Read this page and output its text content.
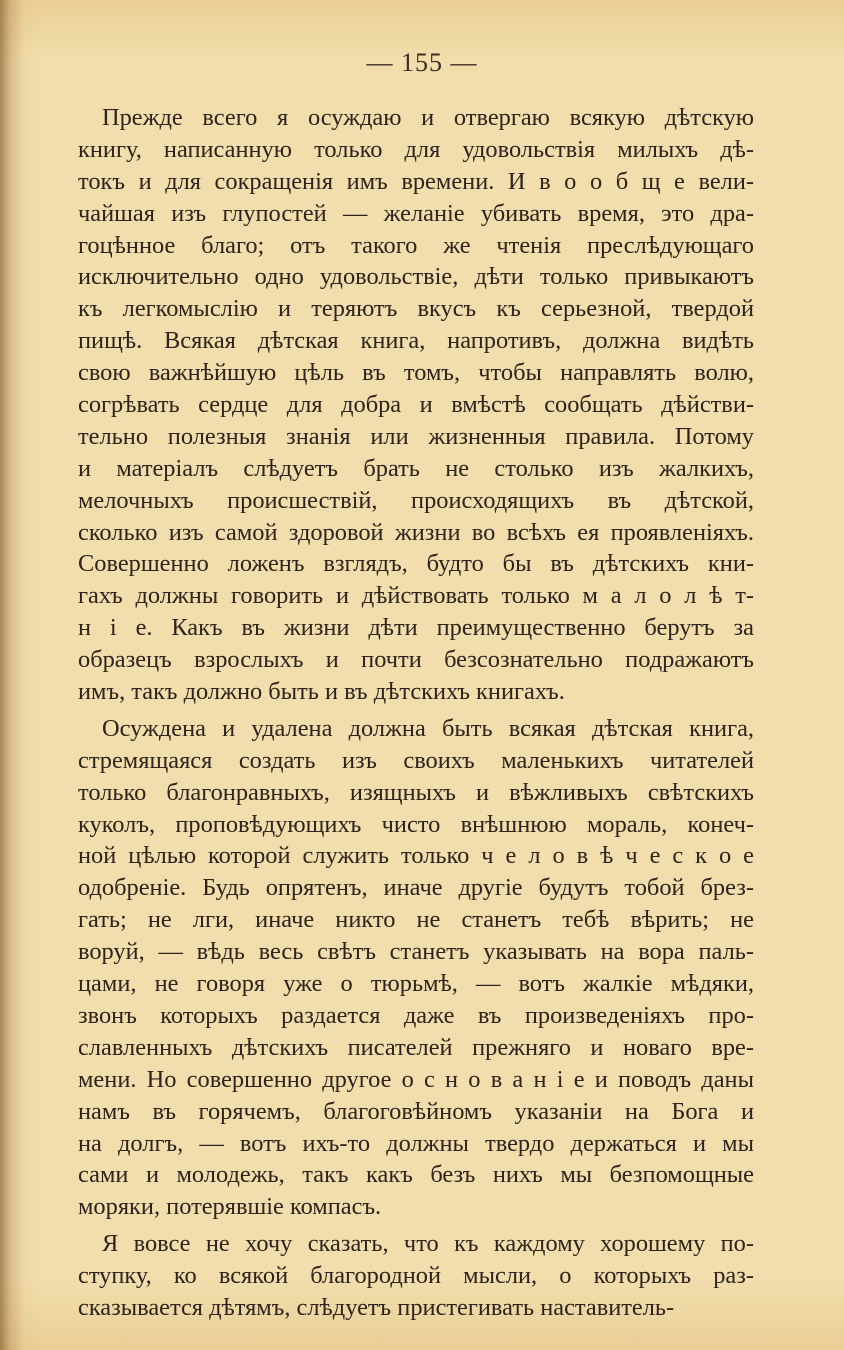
— 155 —
Прежде всего я осуждаю и отвергаю всякую дѣтскую
книгу, написанную только для удовольствія милыхъ дѣ-
токъ и для сокращенія имъ времени. И в о о б щ е вели-
чайшая изъ глупостей — желаніе убивать время, это дра-
гоцѣнное благо; отъ такого же чтенія преслѣдующаго
исключительно одно удовольствіе, дѣти только привыкаютъ
къ легкомыслію и теряютъ вкусъ къ серьезной, твердой
пищѣ. Всякая дѣтская книга, напротивъ, должна видѣть
свою важнѣйшую цѣль въ томъ, чтобы направлять волю,
согрѣвать сердце для добра и вмѣстѣ сообщать дѣйстви-
тельно полезныя знанія или жизненныя правила. Потому
и матеріалъ слѣдуетъ брать не столько изъ жалкихъ,
мелочныхъ происшествій, происходящихъ въ дѣтской,
сколько изъ самой здоровой жизни во всѣхъ ея проявленіяхъ.
Совершенно ложенъ взглядъ, будто бы въ дѣтскихъ кни-
гахъ должны говорить и дѣйствовать только м а л о л ѣ т-
н і е. Какъ въ жизни дѣти преимущественно берутъ за
образецъ взрослыхъ и почти безсознательно подражаютъ
имъ, такъ должно быть и въ дѣтскихъ книгахъ.
Осуждена и удалена должна быть всякая дѣтская книга,
стремящаяся создать изъ своихъ маленькихъ читателей
только благонравныхъ, изящныхъ и вѣжливыхъ свѣтскихъ
куколъ, проповѣдующихъ чисто внѣшнюю мораль, конеч-
ной цѣлью которой служить только ч е л о в ѣ ч е с к о е
одобреніе. Будь опрятенъ, иначе другіе будутъ тобой брез-
гать; не лги, иначе никто не станетъ тебѣ вѣрить; не
воруй, — вѣдь весь свѣтъ станетъ указывать на вора паль-
цами, не говоря уже о тюрьмѣ, — вотъ жалкіе мѣдяки,
звонъ которыхъ раздается даже въ произведеніяхъ про-
славленныхъ дѣтскихъ писателей прежняго и новаго вре-
мени. Но совершенно другое о с н о в а н і е и поводъ даны
намъ въ горячемъ, благоговѣйномъ указаніи на Бога и
на долгъ, — вотъ ихъ-то должны твердо держаться и мы
сами и молодежь, такъ какъ безъ нихъ мы безпомощные
моряки, потерявшіе компасъ.
Я вовсе не хочу сказать, что къ каждому хорошему по-
ступку, ко всякой благородной мысли, о которыхъ раз-
сказывается дѣтямъ, слѣдуетъ пристегивать наставитель-
